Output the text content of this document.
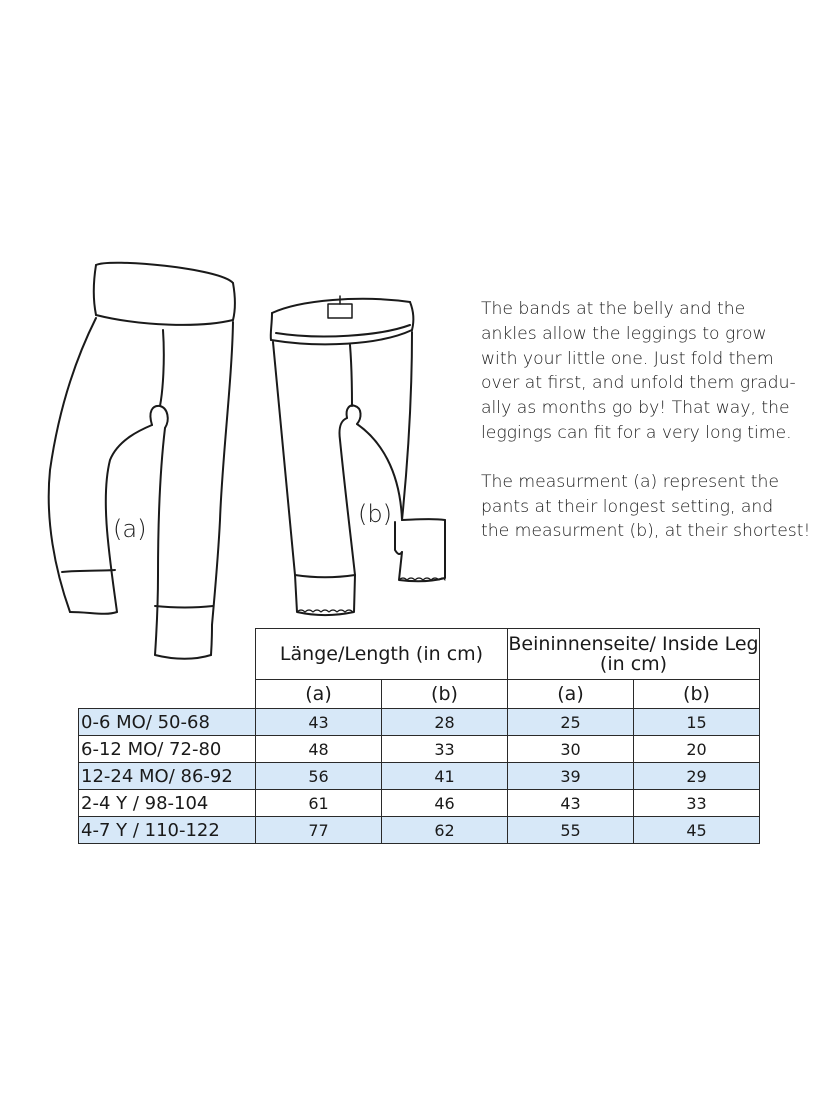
(a)
(b)

The bands at the belly and the
ankles allow the leggings to grow
with your little one. Just fold them
over at first, and unfold them gradu-
ally as months go by! That way, the
leggings can fit for a very long time.

The measurment (a) represent the
pants at their longest setting, and
the measurment (b), at their shortest!

	Länge/Length (in cm)		Beininnenseite/ Inside Leg
(in cm)	
	(a)	(b)	(a)	(b)
0-6 MO/ 50-68	43	28	25	15
6-12 MO/ 72-80	48	33	30	20
12-24 MO/ 86-92	56	41	39	29
2-4 Y / 98-104	61	46	43	33
4-7 Y / 110-122	77	62	55	45
